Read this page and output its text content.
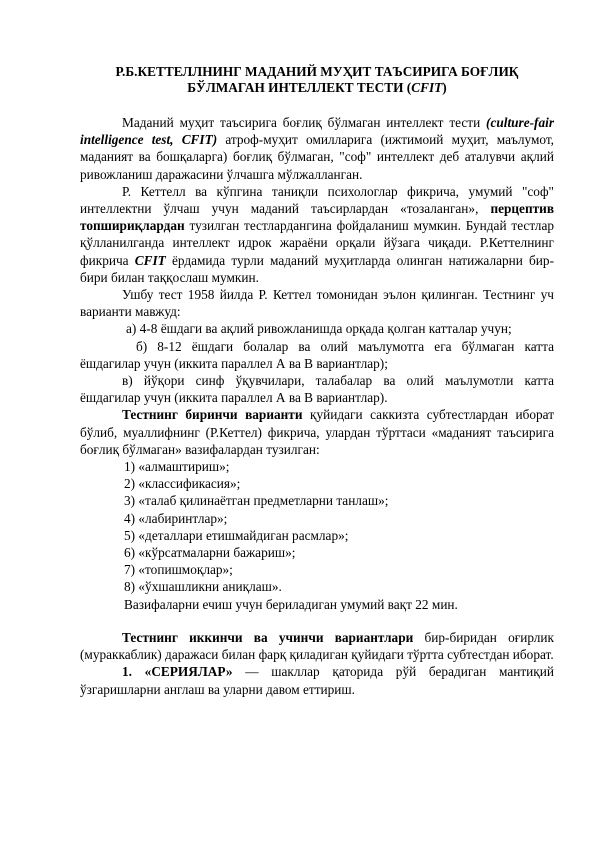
Р.Б.КЕТТЕЛЛНИНГ МАДАНИЙ МУҲИТ ТАЪСИРИГА БОҒЛИҚ
БЎЛМАГАН ИНТЕЛЛЕКТ ТЕСТИ (CFIT)

Маданий муҳит таъсирига боғлиқ бўлмаган интеллект тести (culture-fair intelligence test, CFIT) атроф-муҳит омилларига (ижтимоий муҳит, маълумот, маданият ва бошқаларга) боғлиқ бўлмаган, "соф" интеллект деб аталувчи ақлий ривожланиш даражасини ўлчашга мўлжалланган.

Р. Кеттелл ва кўпгина таниқли психологлар фикрича, умумий "соф" интеллектни ўлчаш учун маданий таъсирлардан «тозаланган», перцептив топшириқлардан тузилган тестлардангина фойдаланиш мумкин. Бундай тестлар қўлланилганда интеллект идрок жараёни орқали йўзага чиқади. Р.Кеттелнинг фикрича CFIT ёрдамида турли маданий муҳитларда олинган натижаларни бир-бири билан таққослаш мумкин.

Ушбу тест 1958 йилда Р. Кеттел томонидан эълон қилинган. Тестнинг уч варианти мавжуд:

а) 4-8 ёшдаги ва ақлий ривожланишда орқада қолган катталар учун;

б) 8-12 ёшдаги болалар ва олий маълумотга ега бўлмаган катта ёшдагилар учун (иккита параллел А ва В вариантлар);

в) йўқори синф ўқувчилари, талабалар ва олий маълумотли катта ёшдагилар учун (иккита параллел А ва В вариантлар).

Тестнинг биринчи варианти қуйидаги саккизта субтестлардан иборат бўлиб, муаллифнинг (Р.Кеттел) фикрича, улардан тўрттаси «маданият таъсирига боғлиқ бўлмаган» вазифалардан тузилган:

1) «алмаштириш»;

2) «классификасия»;

3) «талаб қилинаётган предметларни танлаш»;

4) «лабиринтлар»;

5) «деталлари етишмайдиган расмлар»;

6) «кўрсатмаларни бажариш»;

7) «топишмоқлар»;

8) «ўхшашликни аниқлаш».

Вазифаларни ечиш учун бериладиган умумий вақт 22 мин.

Тестнинг иккинчи ва учинчи вариантлари бир-биридан оғирлик (мураккаблик) даражаси билан фарқ қиладиган қуйидаги тўртта субтестдан иборат.

1. «СЕРИЯЛАР» — шакллар қаторида рўй берадиган мантиқий ўзгаришларни англаш ва уларни давом еттириш.
